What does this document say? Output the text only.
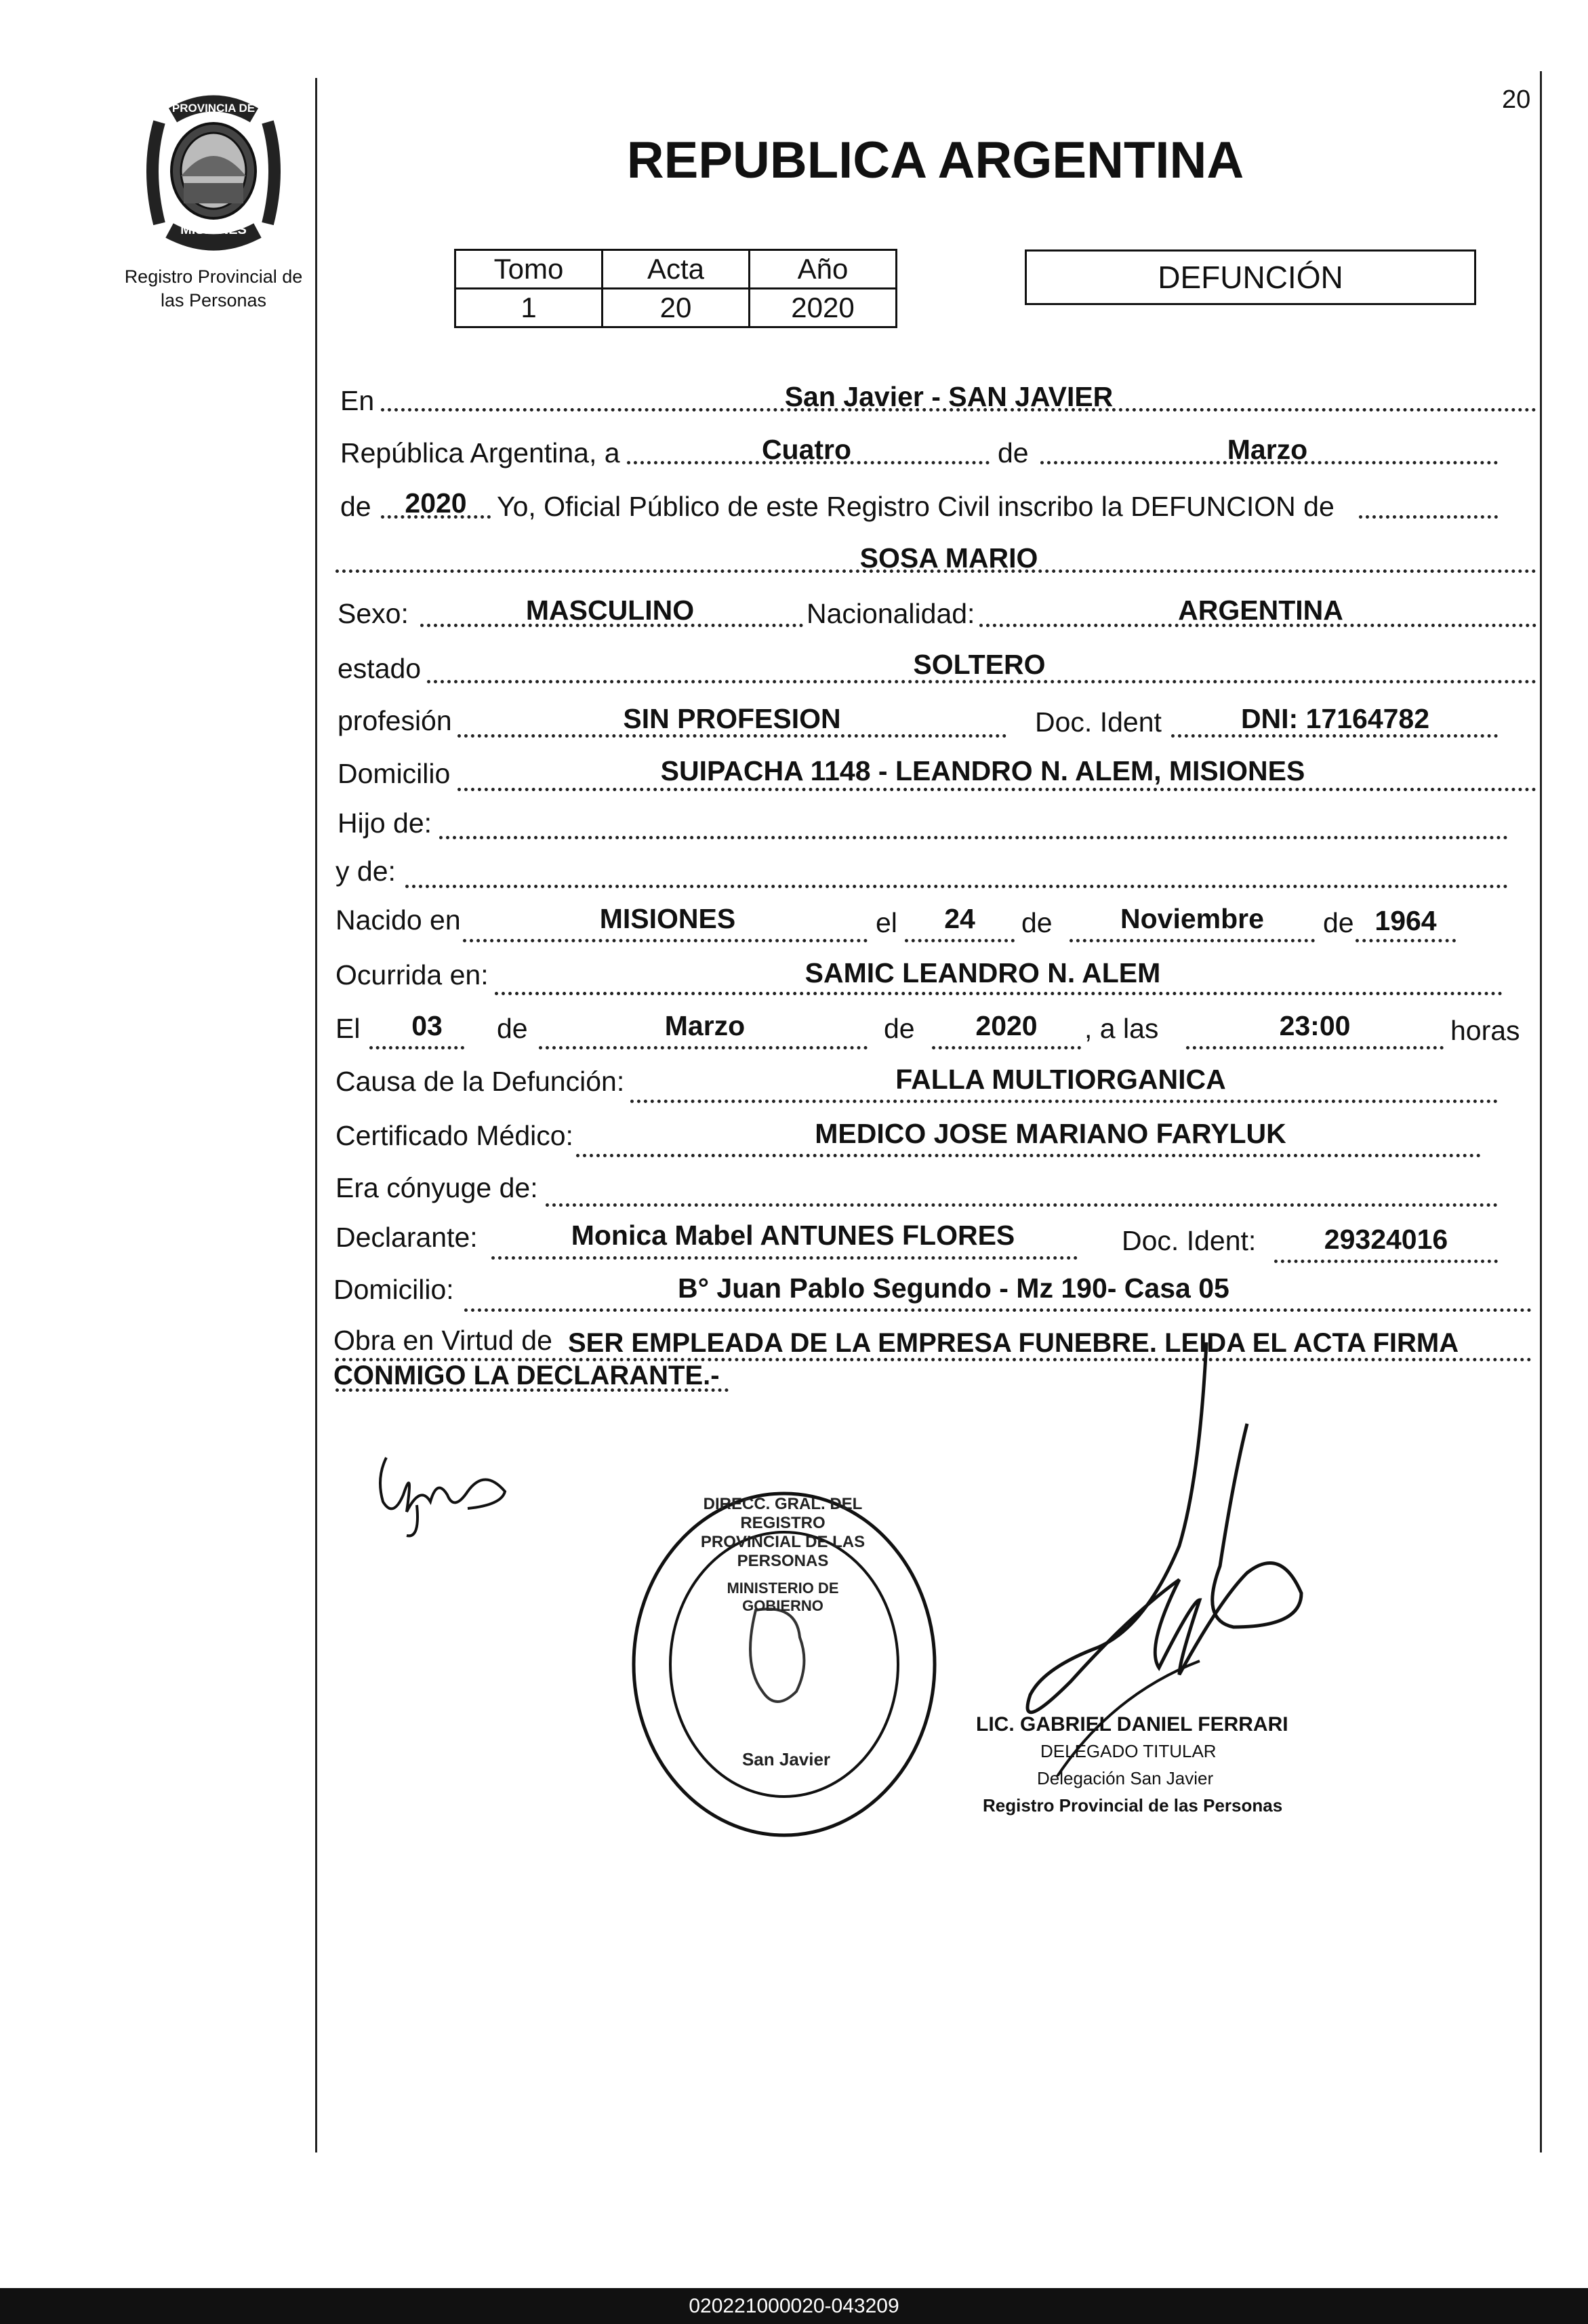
20
PROVINCIA DE
MISIONES
Registro Provincial de
las Personas
REPUBLICA ARGENTINA
Tomo	Acta	Año
1	20	2020
DEFUNCIÓN
En	San Javier - SAN JAVIER
República Argentina, a	Cuatro	de	Marzo
de	2020	Yo, Oficial Público de este Registro Civil inscribo la DEFUNCION de
SOSA MARIO
Sexo:	MASCULINO	Nacionalidad:	ARGENTINA
estado	SOLTERO
profesión	SIN PROFESION	Doc. Ident	DNI: 17164782
Domicilio	SUIPACHA 1148 - LEANDRO N. ALEM, MISIONES
Hijo de:
y de:
Nacido en	MISIONES	el	24	de	Noviembre	de 1964
Ocurrida en:	SAMIC LEANDRO N. ALEM
El	03	de	Marzo	de	2020	, a las	23:00	horas
Causa de la Defunción:	FALLA MULTIORGANICA
Certificado Médico:	MEDICO JOSE MARIANO FARYLUK
Era cónyuge de:
Declarante:	Monica Mabel ANTUNES FLORES	Doc. Ident:	29324016
Domicilio:	B° Juan Pablo Segundo - Mz 190- Casa 05
Obra en Virtud de SER EMPLEADA DE LA EMPRESA FUNEBRE. LEIDA EL ACTA FIRMA
CONMIGO LA DECLARANTE.-
DIRECC. GRAL. DEL REGISTRO PROVINCIAL DE LAS PERSONAS
MINISTERIO DE GOBIERNO
San Javier
LIC. GABRIEL DANIEL FERRARI
DELEGADO TITULAR
Delegación San Javier
Registro Provincial de las Personas
020221000020-043209
